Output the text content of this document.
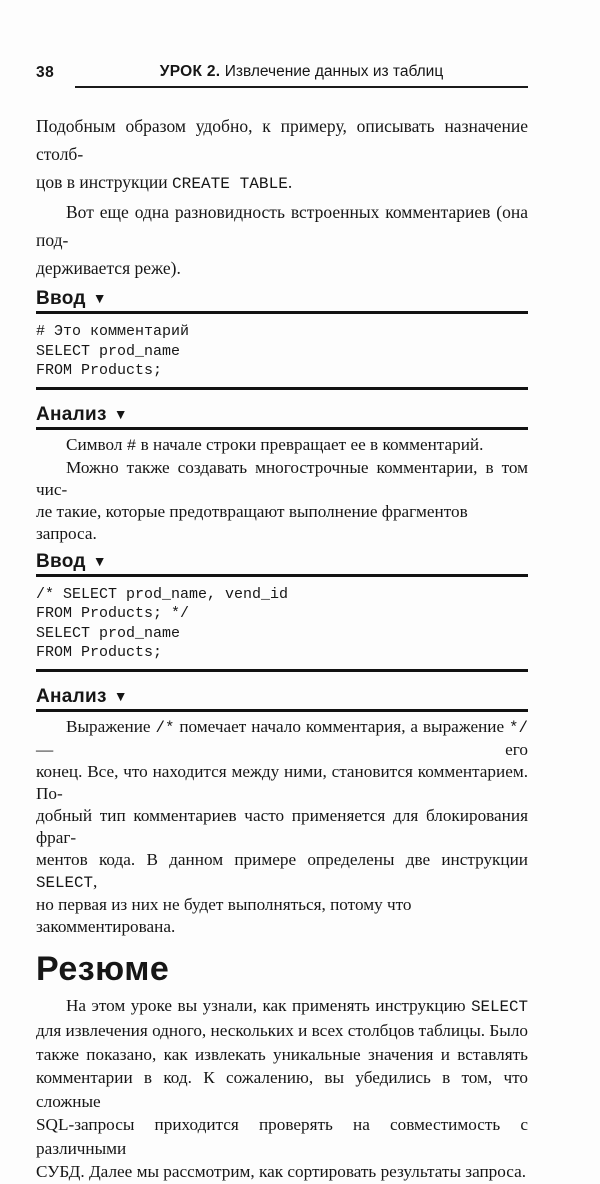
38	УРОК 2. Извлечение данных из таблиц
Подобным образом удобно, к примеру, описывать назначение столб-
цов в инструкции CREATE TABLE.
Вот еще одна разновидность встроенных комментариев (она под-
держивается реже).
Ввод ▼
# Это комментарий
SELECT prod_name
FROM Products;
Анализ ▼
Символ # в начале строки превращает ее в комментарий.
Можно также создавать многострочные комментарии, в том чис-
ле такие, которые предотвращают выполнение фрагментов запроса.
Ввод ▼
/* SELECT prod_name, vend_id
FROM Products; */
SELECT prod_name
FROM Products;
Анализ ▼
Выражение /* помечает начало комментария, а выражение */ — его
конец. Все, что находится между ними, становится комментарием. По-
добный тип комментариев часто применяется для блокирования фраг-
ментов кода. В данном примере определены две инструкции SELECT,
но первая из них не будет выполняться, потому что закомментирована.
Резюме
На этом уроке вы узнали, как применять инструкцию SELECT
для извлечения одного, нескольких и всех столбцов таблицы. Было
также показано, как извлекать уникальные значения и вставлять
комментарии в код. К сожалению, вы убедились в том, что сложные
SQL-запросы приходится проверять на совместимость с различными
СУБД. Далее мы рассмотрим, как сортировать результаты запроса.
